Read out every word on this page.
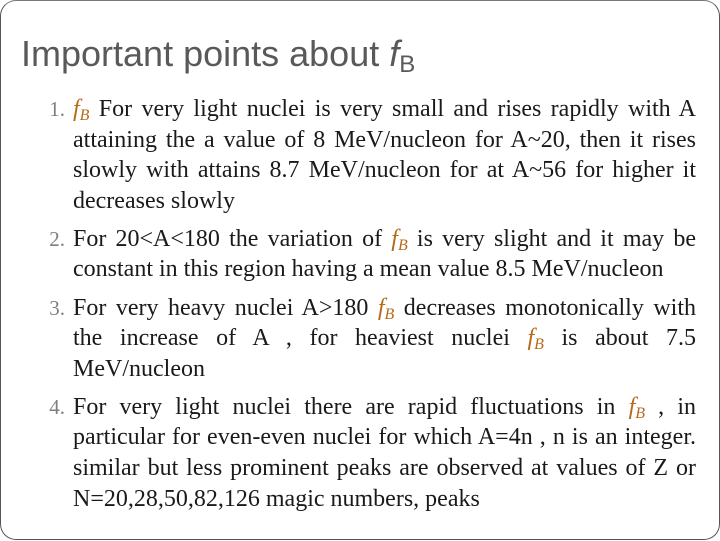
Important points about $f_B$
1. $f_B$ For very light nuclei is very small and rises rapidly with A attaining the a value of 8 MeV/nucleon for A~20, then it rises slowly with attains 8.7 MeV/nucleon for at A~56 for higher it decreases slowly
2. For 20<A<180 the variation of $f_B$ is very slight and it may be constant in this region having a mean value 8.5 MeV/nucleon
3. For very heavy nuclei A>180 $f_B$ decreases monotonically with the increase of A , for heaviest nuclei $f_B$ is about 7.5 MeV/nucleon
4. For very light nuclei there are rapid fluctuations in $f_B$ , in particular for even-even nuclei for which A=4n , n is an integer. similar but less prominent peaks are observed at values of Z or N=20,28,50,82,126 magic numbers, peaks
